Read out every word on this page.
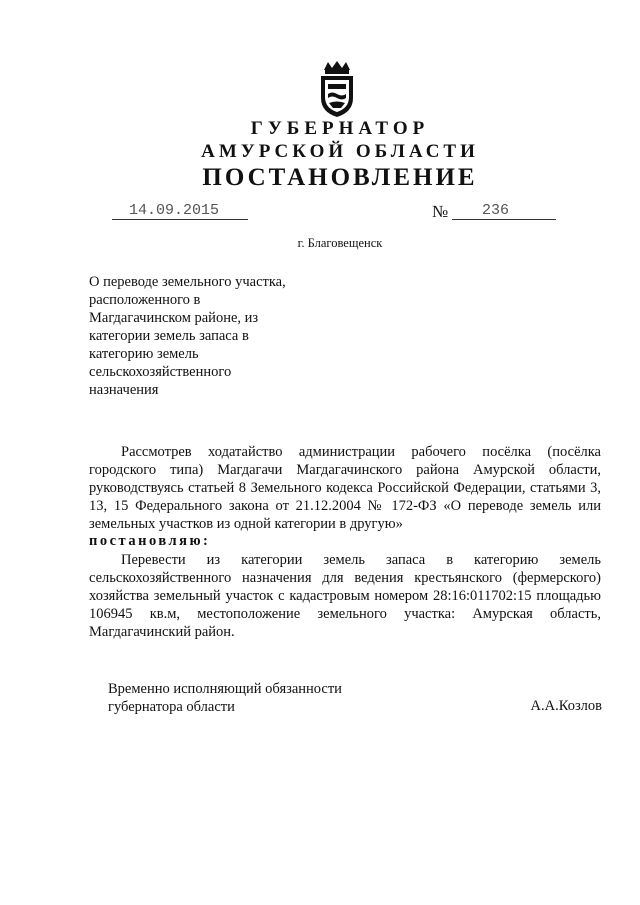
ГУБЕРНАТОР
АМУРСКОЙ ОБЛАСТИ
ПОСТАНОВЛЕНИЕ
14.09.2015	№ 236
г. Благовещенск
О переводе земельного участка,
расположенного в
Магдагачинском районе, из
категории земель запаса в
категорию земель
сельскохозяйственного
назначения
Рассмотрев ходатайство администрации рабочего посёлка (посёлка городского типа) Магдагачи Магдагачинского района Амурской области, руководствуясь статьей 8 Земельного кодекса Российской Федерации, статьями 3, 13, 15 Федерального закона от 21.12.2004 № 172-ФЗ «О переводе земель или земельных участков из одной категории в другую»
постановляю:
Перевести из категории земель запаса в категорию земель сельскохозяйственного назначения для ведения крестьянского (фермерского) хозяйства земельный участок с кадастровым номером 28:16:011702:15 площадью 106945 кв.м, местоположение земельного участка: Амурская область, Магдагачинский район.
Временно исполняющий обязанности
губернатора области	А.А.Козлов
